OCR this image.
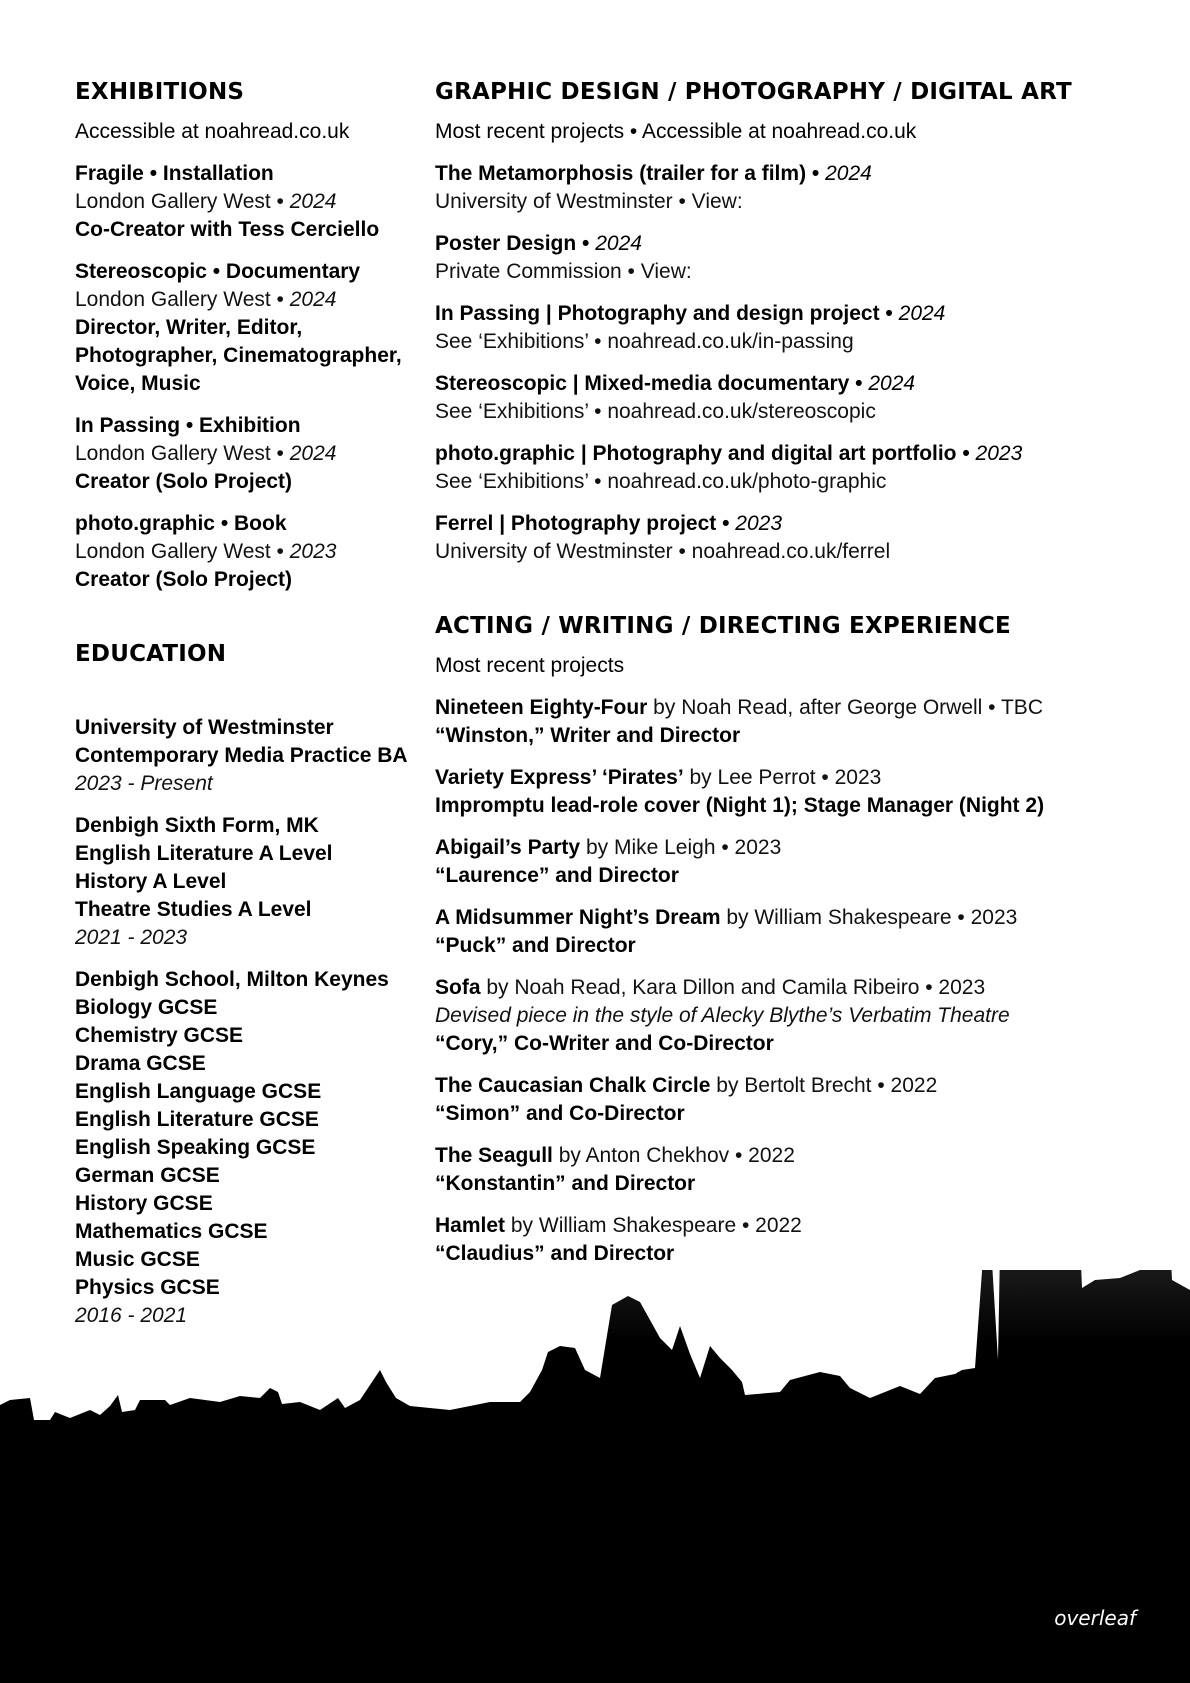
EXHIBITIONS
Accessible at noahread.co.uk
Fragile • Installation
London Gallery West • 2024
Co-Creator with Tess Cerciello
Stereoscopic • Documentary
London Gallery West • 2024
Director, Writer, Editor, Photographer, Cinematographer, Voice, Music
In Passing • Exhibition
London Gallery West • 2024
Creator (Solo Project)
photo.graphic • Book
London Gallery West • 2023
Creator (Solo Project)
EDUCATION
University of Westminster
Contemporary Media Practice BA
2023 - Present
Denbigh Sixth Form, MK
English Literature A Level
History A Level
Theatre Studies A Level
2021 - 2023
Denbigh School, Milton Keynes
Biology GCSE
Chemistry GCSE
Drama GCSE
English Language GCSE
English Literature GCSE
English Speaking GCSE
German GCSE
History GCSE
Mathematics GCSE
Music GCSE
Physics GCSE
2016 - 2021
GRAPHIC DESIGN / PHOTOGRAPHY / DIGITAL ART
Most recent projects • Accessible at noahread.co.uk
The Metamorphosis (trailer for a film) • 2024
University of Westminster • View:
Poster Design • 2024
Private Commission • View:
In Passing | Photography and design project • 2024
See ‘Exhibitions’ • noahread.co.uk/in-passing
Stereoscopic | Mixed-media documentary • 2024
See ‘Exhibitions’ • noahread.co.uk/stereoscopic
photo.graphic | Photography and digital art portfolio • 2023
See ‘Exhibitions’ • noahread.co.uk/photo-graphic
Ferrel | Photography project • 2023
University of Westminster • noahread.co.uk/ferrel
ACTING / WRITING / DIRECTING EXPERIENCE
Most recent projects
Nineteen Eighty-Four by Noah Read, after George Orwell • TBC
“Winston,” Writer and Director
Variety Express’ ‘Pirates’ by Lee Perrot • 2023
Impromptu lead-role cover (Night 1); Stage Manager (Night 2)
Abigail’s Party by Mike Leigh • 2023
“Laurence” and Director
A Midsummer Night’s Dream by William Shakespeare • 2023
“Puck” and Director
Sofa by Noah Read, Kara Dillon and Camila Ribeiro • 2023
Devised piece in the style of Alecky Blythe’s Verbatim Theatre
“Cory,” Co-Writer and Co-Director
The Caucasian Chalk Circle by Bertolt Brecht • 2022
“Simon” and Co-Director
The Seagull by Anton Chekhov • 2022
“Konstantin” and Director
Hamlet by William Shakespeare • 2022
“Claudius” and Director
overleaf
